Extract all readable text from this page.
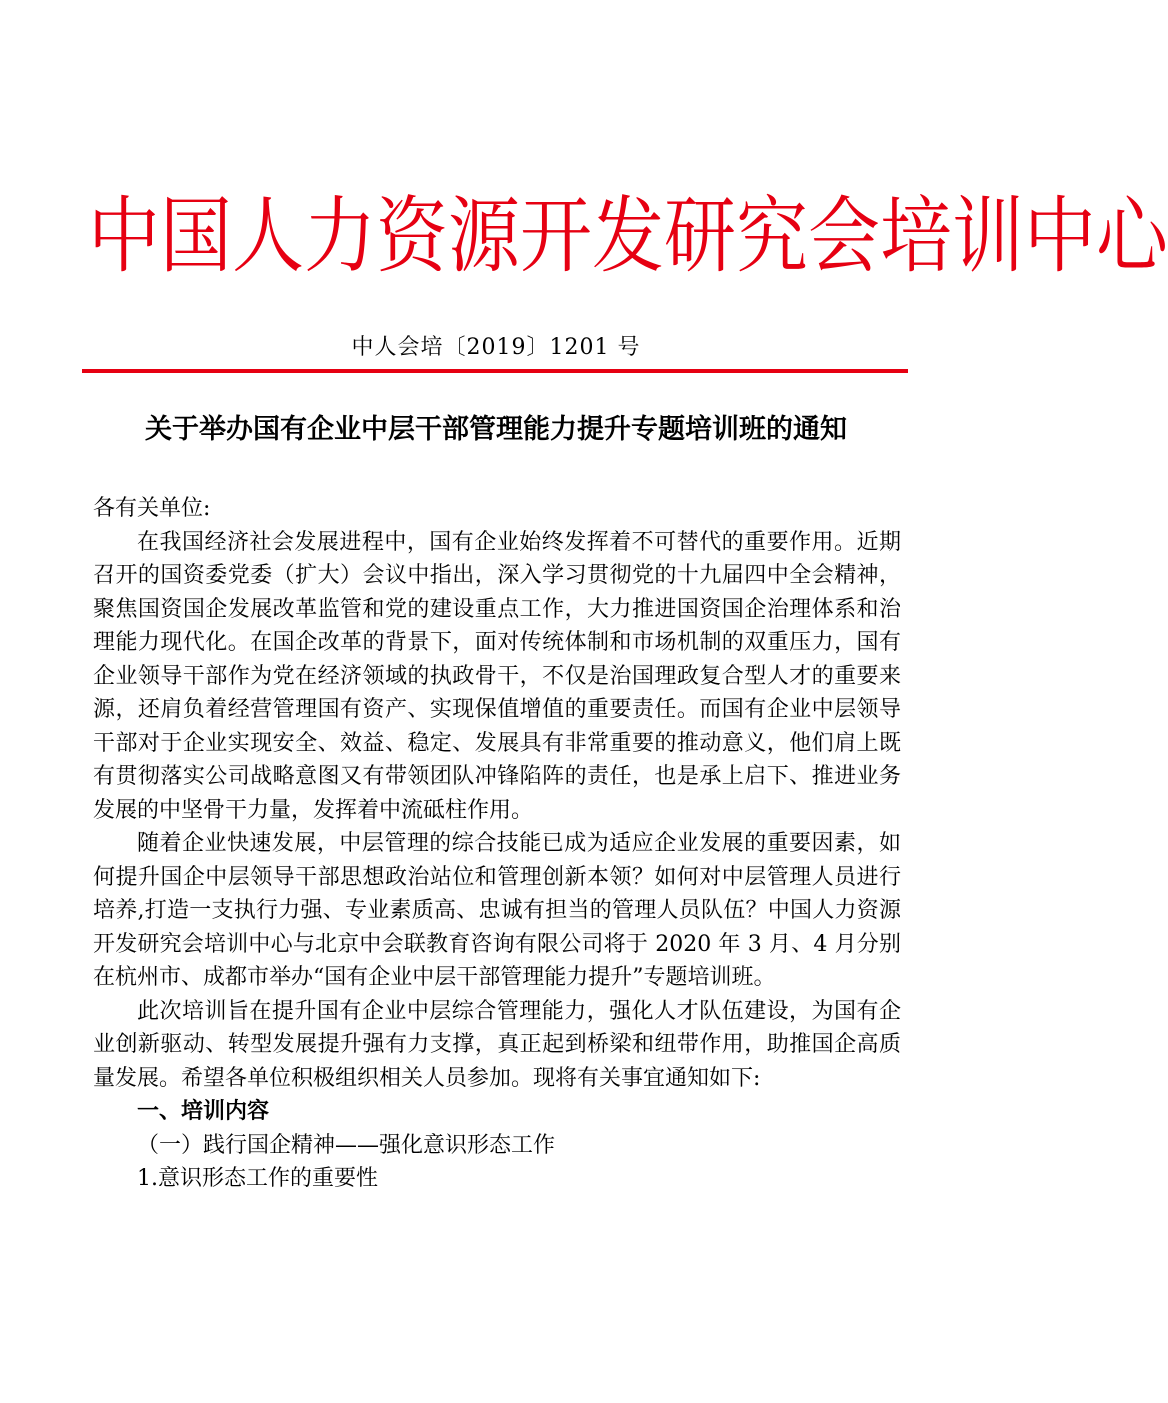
中国人力资源开发研究会培训中心
中人会培〔2019〕1201 号
关于举办国有企业中层干部管理能力提升专题培训班的通知

各有关单位:

在我国经济社会发展进程中，国有企业始终发挥着不可替代的重要作用。近期召开的国资委党委（扩大）会议中指出，深入学习贯彻党的十九届四中全会精神，聚焦国资国企发展改革监管和党的建设重点工作，大力推进国资国企治理体系和治理能力现代化。在国企改革的背景下，面对传统体制和市场机制的双重压力，国有企业领导干部作为党在经济领域的执政骨干，不仅是治国理政复合型人才的重要来源，还肩负着经营管理国有资产、实现保值增值的重要责任。而国有企业中层领导干部对于企业实现安全、效益、稳定、发展具有非常重要的推动意义，他们肩上既有贯彻落实公司战略意图又有带领团队冲锋陷阵的责任，也是承上启下、推进业务发展的中坚骨干力量，发挥着中流砥柱作用。

随着企业快速发展，中层管理的综合技能已成为适应企业发展的重要因素，如何提升国企中层领导干部思想政治站位和管理创新本领？如何对中层管理人员进行培养,打造一支执行力强、专业素质高、忠诚有担当的管理人员队伍？中国人力资源开发研究会培训中心与北京中会联教育咨询有限公司将于 2020 年 3 月、4 月分别在杭州市、成都市举办“国有企业中层干部管理能力提升”专题培训班。

此次培训旨在提升国有企业中层综合管理能力，强化人才队伍建设，为国有企业创新驱动、转型发展提升强有力支撑，真正起到桥梁和纽带作用，助推国企高质量发展。希望各单位积极组织相关人员参加。现将有关事宜通知如下:

一、培训内容

（一）践行国企精神——强化意识形态工作

1.意识形态工作的重要性
